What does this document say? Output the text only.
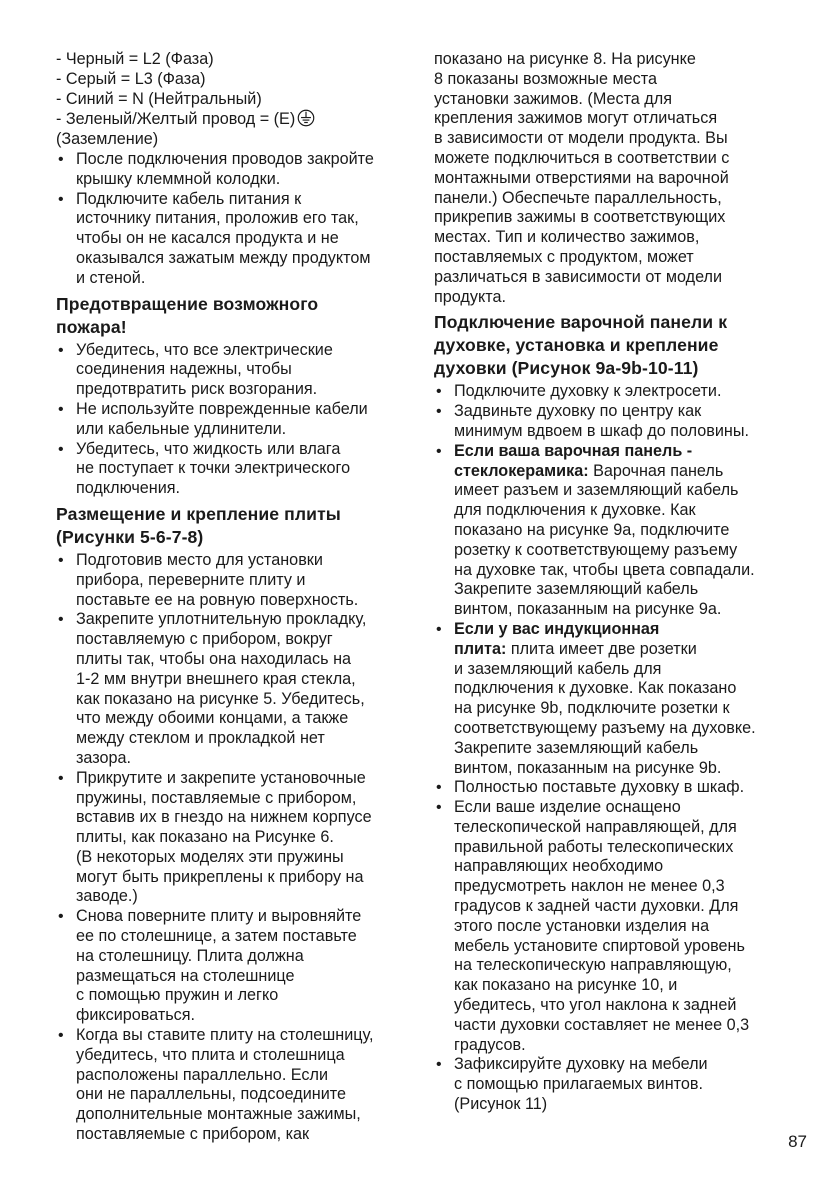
- Черный = L2 (Фаза)

- Серый = L3 (Фаза)

- Синий = N (Нейтральный)

- Зеленый/Желтый провод = (Е)

(Заземление)

• После подключения проводов закройте

крышку клеммной колодки.

• Подключите кабель питания к

источнику питания, проложив его так,

чтобы он не касался продукта и не

оказывался зажатым между продуктом

и стеной.

Предотвращение возможного
пожара!
• Убедитесь, что все электрические

соединения надежны, чтобы

предотвратить риск возгорания.

• Не используйте поврежденные кабели

или кабельные удлинители.

• Убедитесь, что жидкость или влага

не поступает к точки электрического

подключения.

Размещение и крепление плиты
(Рисунки 5-6-7-8)
• Подготовив место для установки

прибора, переверните плиту и

поставьте ее на ровную поверхность.

• Закрепите уплотнительную прокладку,

поставляемую с прибором, вокруг

плиты так, чтобы она находилась на

1-2 мм внутри внешнего края стекла,

как показано на рисунке 5. Убедитесь,

что между обоими концами, а также

между стеклом и прокладкой нет

зазора.

• Прикрутите и закрепите установочные

пружины, поставляемые с прибором,

вставив их в гнездо на нижнем корпусе

плиты, как показано на Рисунке 6.

(В некоторых моделях эти пружины

могут быть прикреплены к прибору на

заводе.)

• Снова поверните плиту и выровняйте

ее по столешнице, а затем поставьте

на столешницу. Плита должна

размещаться на столешнице

с помощью пружин и легко

фиксироваться.

• Когда вы ставите плиту на столешницу,

убедитесь, что плита и столешница

расположены параллельно. Если

они не параллельны, подсоедините

дополнительные монтажные зажимы,

поставляемые с прибором, как

показано на рисунке 8. На рисунке

8 показаны возможные места

установки зажимов. (Места для

крепления зажимов могут отличаться

в зависимости от модели продукта. Вы

можете подключиться в соответствии с

монтажными отверстиями на варочной

панели.) Обеспечьте параллельность,

прикрепив зажимы в соответствующих

местах. Тип и количество зажимов,

поставляемых с продуктом, может

различаться в зависимости от модели

продукта.

Подключение варочной панели к
духовке, установка и крепление
духовки (Рисунок 9a-9b-10-11)
• Подключите духовку к электросети.

• Задвиньте духовку по центру как

минимум вдвоем в шкаф до половины.

• Если ваша варочная панель -

стеклокерамика: Варочная панель

имеет разъем и заземляющий кабель

для подключения к духовке. Как

показано на рисунке 9a, подключите

розетку к соответствующему разъему

на духовке так, чтобы цвета совпадали.

Закрепите заземляющий кабель

винтом, показанным на рисунке 9a.

• Если у вас индукционная

плита: плита имеет две розетки

и заземляющий кабель для

подключения к духовке. Как показано

на рисунке 9b, подключите розетки к

соответствующему разъему на духовке.

Закрепите заземляющий кабель

винтом, показанным на рисунке 9b.

• Полностью поставьте духовку в шкаф.

• Если ваше изделие оснащено

телескопической направляющей, для

правильной работы телескопических

направляющих необходимо

предусмотреть наклон не менее 0,3

градусов к задней части духовки. Для

этого после установки изделия на

мебель установите спиртовой уровень

на телескопическую направляющую,

как показано на рисунке 10, и

убедитесь, что угол наклона к задней

части духовки составляет не менее 0,3

градусов.

• Зафиксируйте духовку на мебели

с помощью прилагаемых винтов.

(Рисунок 11)

87
